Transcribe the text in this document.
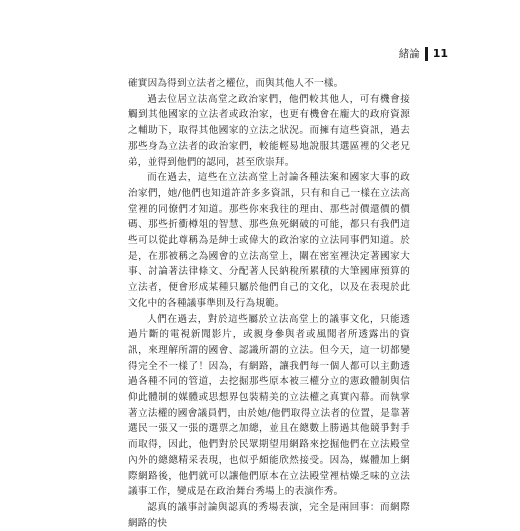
緒論 11

確實因為得到立法者之權位，而與其他人不一樣。

過去位居立法高堂之政治家們，他們較其他人，可有機會接觸到其他國家的立法者或政治家，也更有機會在龐大的政府資源之輔助下，取得其他國家的立法之狀況。而擁有這些資訊，過去那些身為立法者的政治家們，較能輕易地說服其選區裡的父老兄弟，並得到他們的認同，甚至欣崇拜。

而在過去，這些在立法高堂上討論各種法案和國家大事的政治家們，她/他們也知道許許多多資訊，只有和自己一樣在立法高堂裡的同僚們才知道。那些你來我往的理由、那些討價還價的價碼、那些折衝樽俎的智慧、那些魚死網破的可能，都只有我們這些可以從此尊稱為是紳士或偉大的政治家的立法同事們知道。於是，在那被稱之為國會的立法高堂上，關在密室裡決定著國家大事、討論著法律條文、分配著人民納稅所累積的大筆國庫預算的立法者，便會形成某種只屬於他們自己的文化，以及在表現於此文化中的各種議事準則及行為規範。

人們在過去，對於這些屬於立法高堂上的議事文化，只能透過片斷的電視新聞影片，或親身參與者或風聞者所透露出的資訊，來理解所謂的國會、認識所謂的立法。但今天，這一切都變得完全不一樣了！因為，有網路，讓我們每一個人都可以主動透過各種不同的管道，去挖掘那些原本被三權分立的憲政體制與信仰此體制的媒體或思想界包裝精美的立法權之真實內幕。而執掌著立法權的國會議員們，由於她/他們取得立法者的位置，是靠著選民一張又一張的選票之加總，並且在總數上勝過其他競爭對手而取得，因此，他們對於民眾期望用網路來挖掘他們在立法殿堂內外的總總精采表現，也似乎頗能欣然接受。因為，媒體加上網際網路後，他們就可以讓他們原本在立法殿堂裡枯燥乏味的立法議事工作，變成是在政治舞台秀場上的表演作秀。

認真的議事討論與認真的秀場表演，完全是兩回事：而網際網路的快
